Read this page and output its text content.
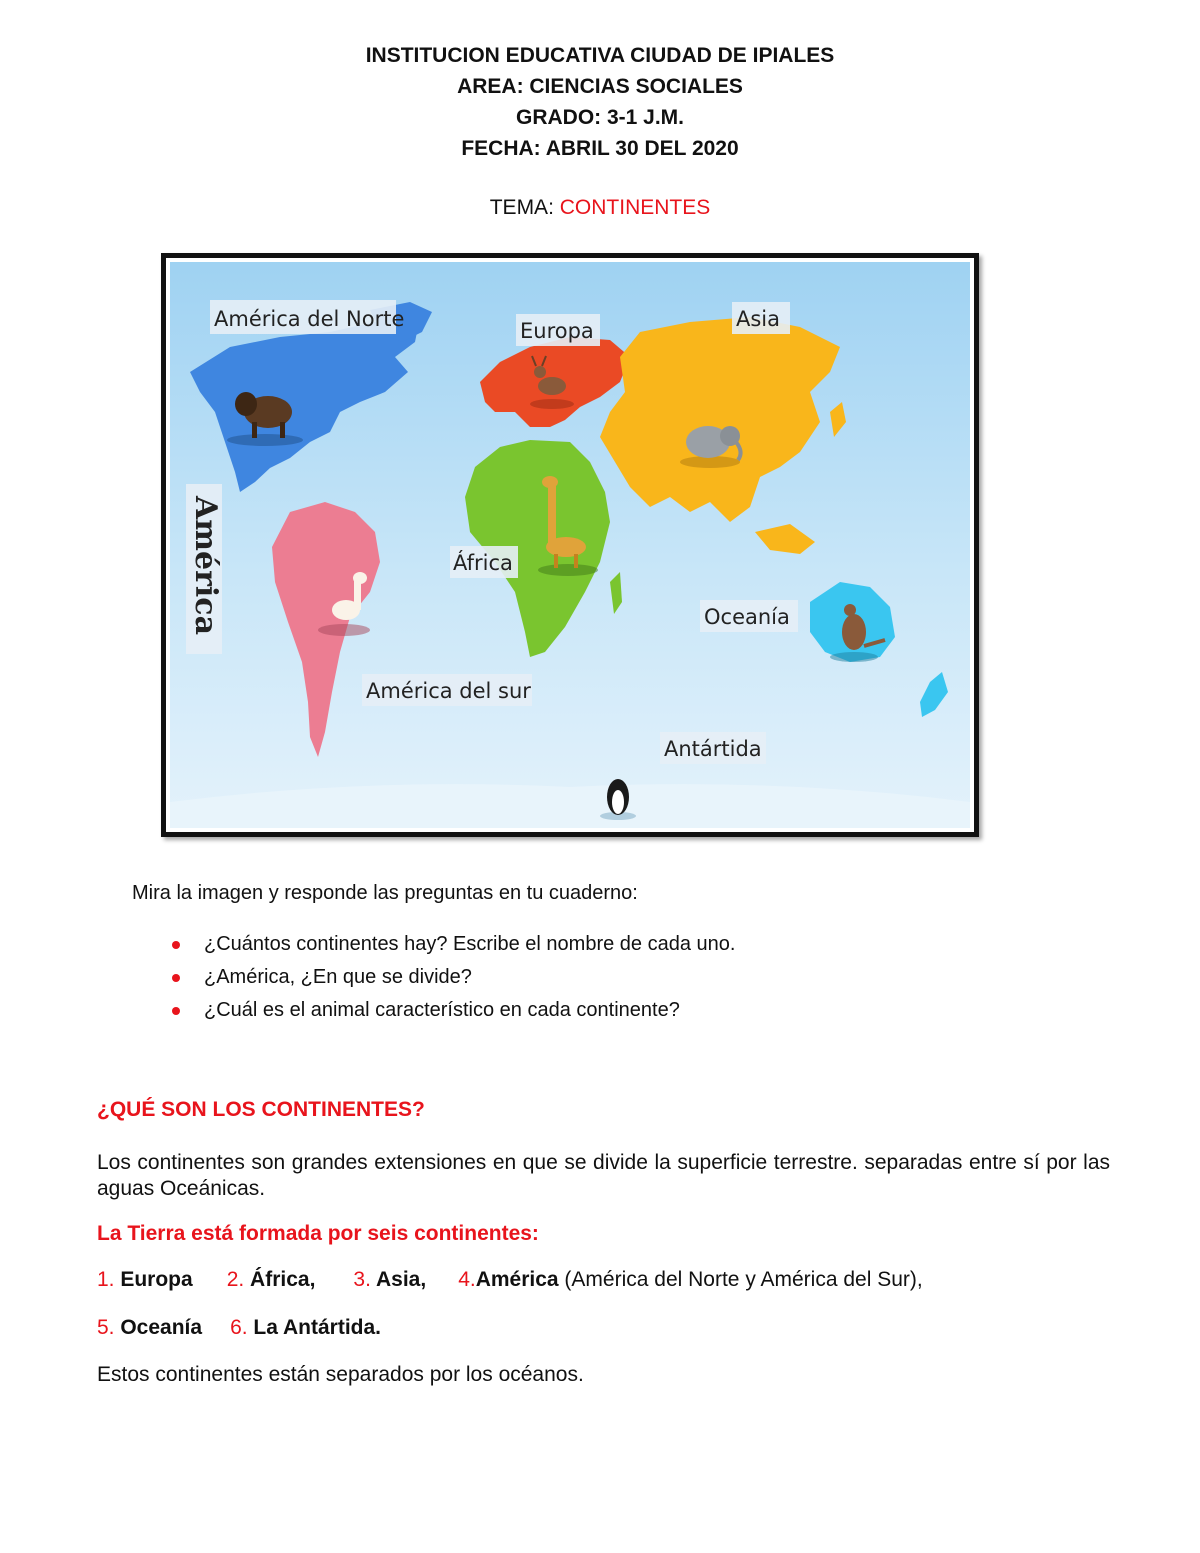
INSTITUCION EDUCATIVA CIUDAD DE IPIALES
AREA: CIENCIAS SOCIALES
GRADO: 3-1 J.M.
FECHA: ABRIL 30 DEL 2020
TEMA: CONTINENTES
América del Norte	Europa	Asia
América	África
Oceanía
América del sur
Antártida
Mira la imagen y responde las preguntas en tu cuaderno:
¿Cuántos continentes hay? Escribe el nombre de cada uno.
¿América, ¿En que se divide?
¿Cuál es el animal característico en cada continente?
¿QUÉ SON LOS CONTINENTES?
Los continentes son grandes extensiones en que se divide la superficie terrestre. separadas entre sí por las aguas Oceánicas.
La Tierra está formada por seis continentes:
1. Europa 2. África, 3. Asia, 4.América (América del Norte y América del Sur),
5. Oceanía 6. La Antártida.
Estos continentes están separados por los océanos.
